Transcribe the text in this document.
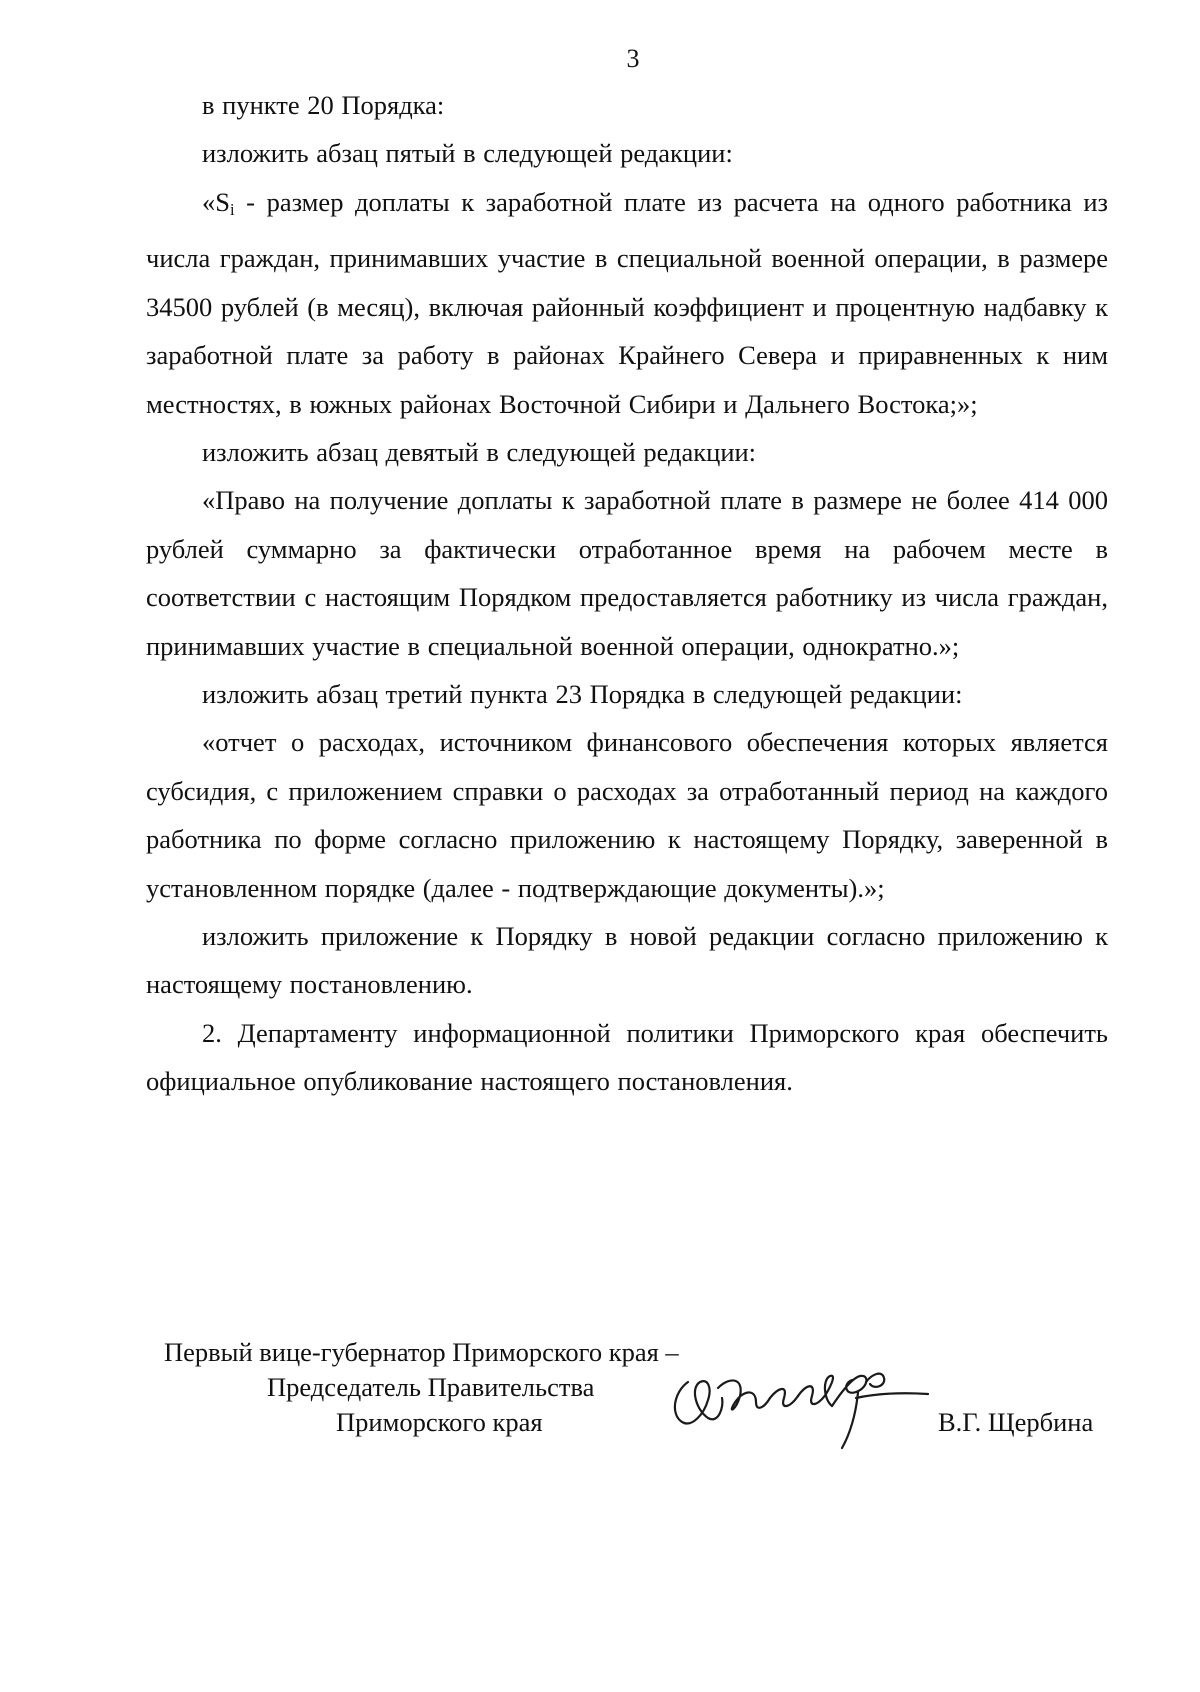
3

в пункте 20 Порядка:

изложить абзац пятый в следующей редакции:

«$S_i$ - размер доплаты к заработной плате из расчета на одного работника из числа граждан, принимавших участие в специальной военной операции, в размере 34500 рублей (в месяц), включая районный коэффициент и процентную надбавку к заработной плате за работу в районах Крайнего Севера и приравненных к ним местностях, в южных районах Восточной Сибири и Дальнего Востока;»;

изложить абзац девятый в следующей редакции:

«Право на получение доплаты к заработной плате в размере не более 414 000 рублей суммарно за фактически отработанное время на рабочем месте в соответствии с настоящим Порядком предоставляется работнику из числа граждан, принимавших участие в специальной военной операции, однократно.»;

изложить абзац третий пункта 23 Порядка в следующей редакции:

«отчет о расходах, источником финансового обеспечения которых является субсидия, с приложением справки о расходах за отработанный период на каждого работника по форме согласно приложению к настоящему Порядку, заверенной в установленном порядке (далее - подтверждающие документы).»;

изложить приложение к Порядку в новой редакции согласно приложению к настоящему постановлению.

2. Департаменту информационной политики Приморского края обеспечить официальное опубликование настоящего постановления.

Первый вице-губернатор Приморского края –
Председатель Правительства
Приморского края	В.Г. Щербина
